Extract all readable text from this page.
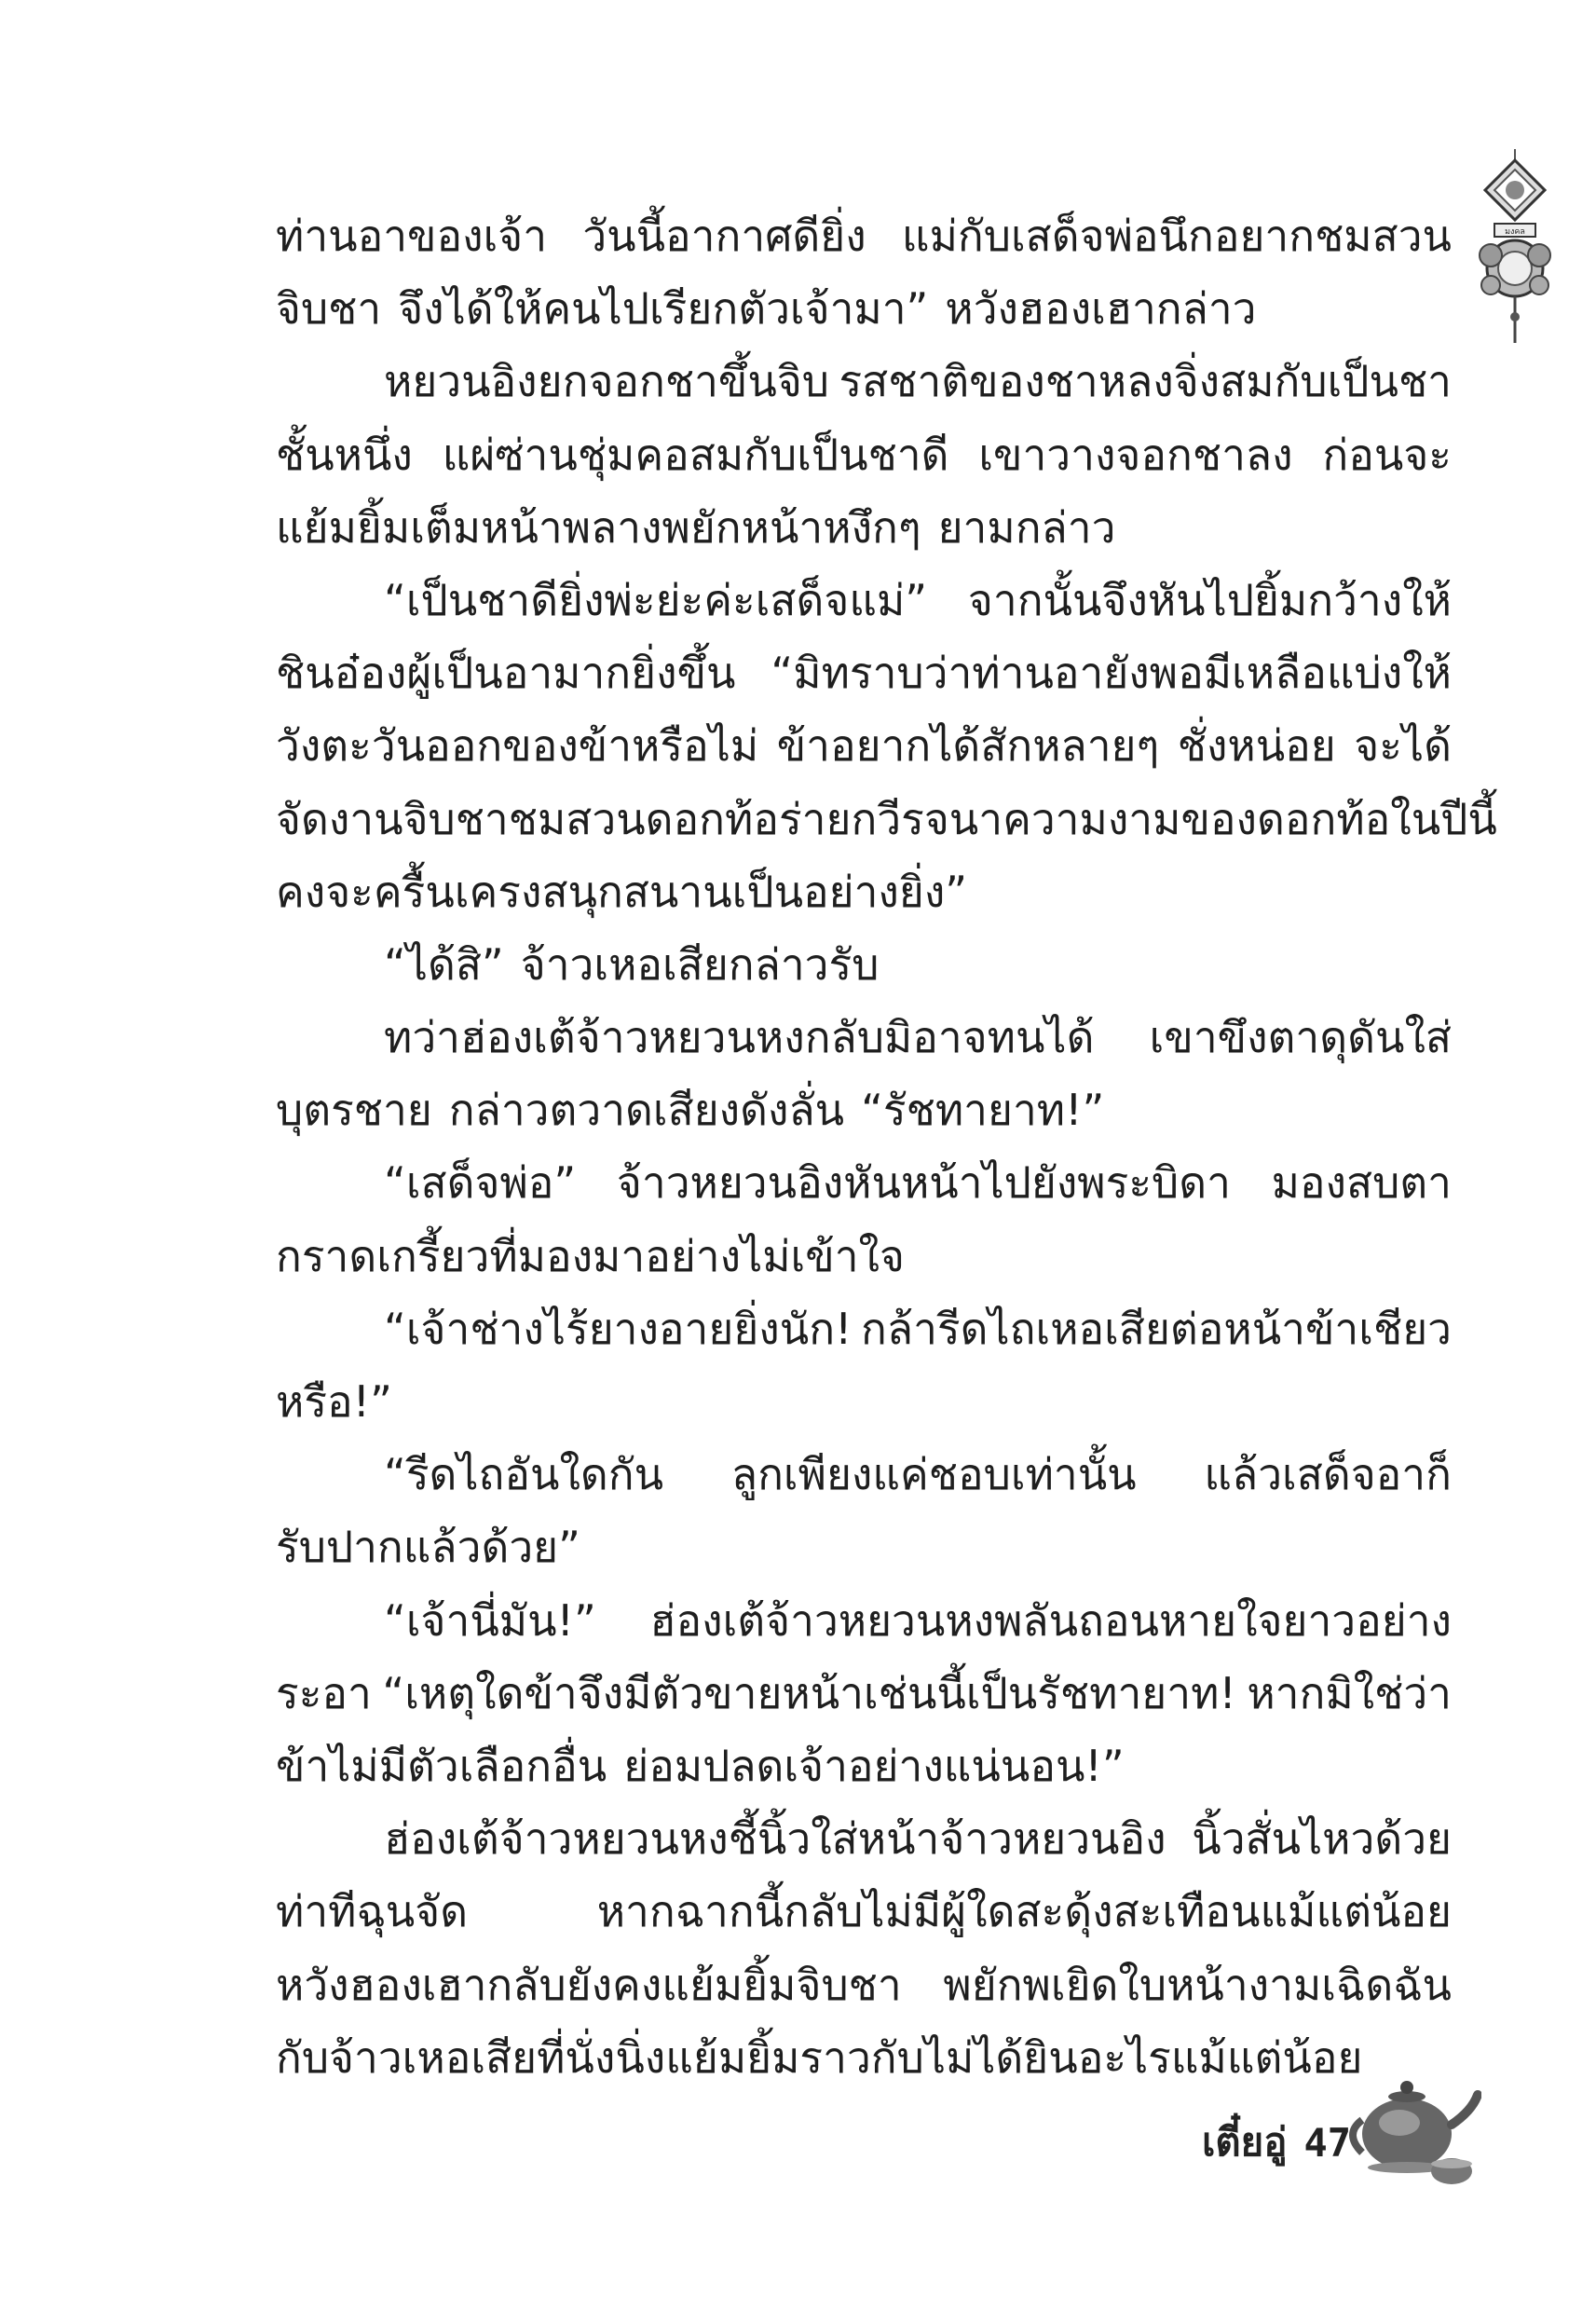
มงคล
ท่านอาของเจ้า วันนี้อากาศดียิ่ง แม่กับเสด็จพ่อนึกอยากชมสวน
จิบชา จึงได้ให้คนไปเรียกตัวเจ้ามา” หวังฮองเฮากล่าว
หยวนอิงยกจอกชาขึ้นจิบ รสชาติของชาหลงจิ่งสมกับเป็นชา
ชั้นหนึ่ง แผ่ซ่านชุ่มคอสมกับเป็นชาดี เขาวางจอกชาลง ก่อนจะ
แย้มยิ้มเต็มหน้าพลางพยักหน้าหงึกๆ ยามกล่าว
“เป็นชาดียิ่งพ่ะย่ะค่ะเสด็จแม่” จากนั้นจึงหันไปยิ้มกว้างให้
ชินอ๋องผู้เป็นอามากยิ่งขึ้น “มิทราบว่าท่านอายังพอมีเหลือแบ่งให้
วังตะวันออกของข้าหรือไม่ ข้าอยากได้สักหลายๆ ชั่งหน่อย จะได้
จัดงานจิบชาชมสวนดอกท้อ ร่ายกวีรจนาความงามของดอกท้อในปีนี้
คงจะครื้นเครงสนุกสนานเป็นอย่างยิ่ง”
“ได้สิ” จ้าวเหอเสียกล่าวรับ
ทว่าฮ่องเต้จ้าวหยวนหงกลับมิอาจทนได้ เขาขึงตาดุดันใส่
บุตรชาย กล่าวตวาดเสียงดังลั่น “รัชทายาท!”
“เสด็จพ่อ” จ้าวหยวนอิงหันหน้าไปยังพระบิดา มองสบตา
กราดเกรี้ยวที่มองมาอย่างไม่เข้าใจ
“เจ้าช่างไร้ยางอายยิ่งนัก! กล้ารีดไถเหอเสียต่อหน้าข้าเชียว
หรือ!”
“รีดไถอันใดกัน ลูกเพียงแค่ชอบเท่านั้น แล้วเสด็จอาก็
รับปากแล้วด้วย”
“เจ้านี่มัน!” ฮ่องเต้จ้าวหยวนหงพลันถอนหายใจยาวอย่าง
ระอา “เหตุใดข้าจึงมีตัวขายหน้าเช่นนี้เป็นรัชทายาท! หากมิใช่ว่า
ข้าไม่มีตัวเลือกอื่น ย่อมปลดเจ้าอย่างแน่นอน!”
ฮ่องเต้จ้าวหยวนหงชี้นิ้วใส่หน้าจ้าวหยวนอิง นิ้วสั่นไหวด้วย
ท่าทีฉุนจัด	หากฉากนี้กลับไม่มีผู้ใดสะดุ้งสะเทือนแม้แต่น้อย
หวังฮองเฮากลับยังคงแย้มยิ้มจิบชา พยักพเยิดใบหน้างามเฉิดฉัน
กับจ้าวเหอเสียที่นั่งนิ่งแย้มยิ้มราวกับไม่ได้ยินอะไรแม้แต่น้อย
เตี๋ยอู่ 47
